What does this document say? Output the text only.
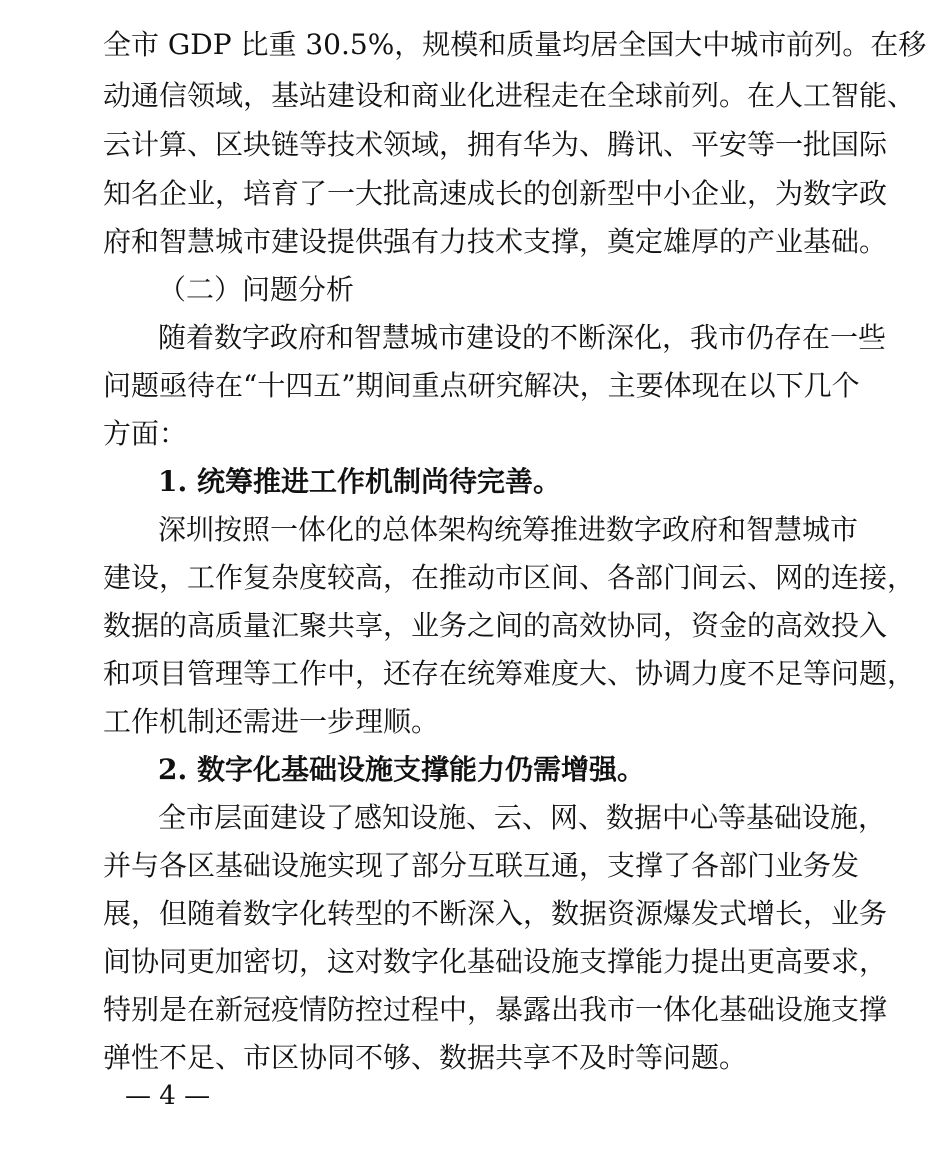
全市 GDP 比重 30.5%，规模和质量均居全国大中城市前列。在移
动通信领域，基站建设和商业化进程走在全球前列。在人工智能、
云计算、区块链等技术领域，拥有华为、腾讯、平安等一批国际
知名企业，培育了一大批高速成长的创新型中小企业，为数字政
府和智慧城市建设提供强有力技术支撑，奠定雄厚的产业基础。
（二）问题分析
随着数字政府和智慧城市建设的不断深化，我市仍存在一些
问题亟待在“十四五”期间重点研究解决，主要体现在以下几个
方面：
1. 统筹推进工作机制尚待完善。
深圳按照一体化的总体架构统筹推进数字政府和智慧城市
建设，工作复杂度较高，在推动市区间、各部门间云、网的连接，
数据的高质量汇聚共享，业务之间的高效协同，资金的高效投入
和项目管理等工作中，还存在统筹难度大、协调力度不足等问题，
工作机制还需进一步理顺。
2. 数字化基础设施支撑能力仍需增强。
全市层面建设了感知设施、云、网、数据中心等基础设施，
并与各区基础设施实现了部分互联互通，支撑了各部门业务发
展，但随着数字化转型的不断深入，数据资源爆发式增长，业务
间协同更加密切，这对数字化基础设施支撑能力提出更高要求，
特别是在新冠疫情防控过程中，暴露出我市一体化基础设施支撑
弹性不足、市区协同不够、数据共享不及时等问题。
— 4 —
